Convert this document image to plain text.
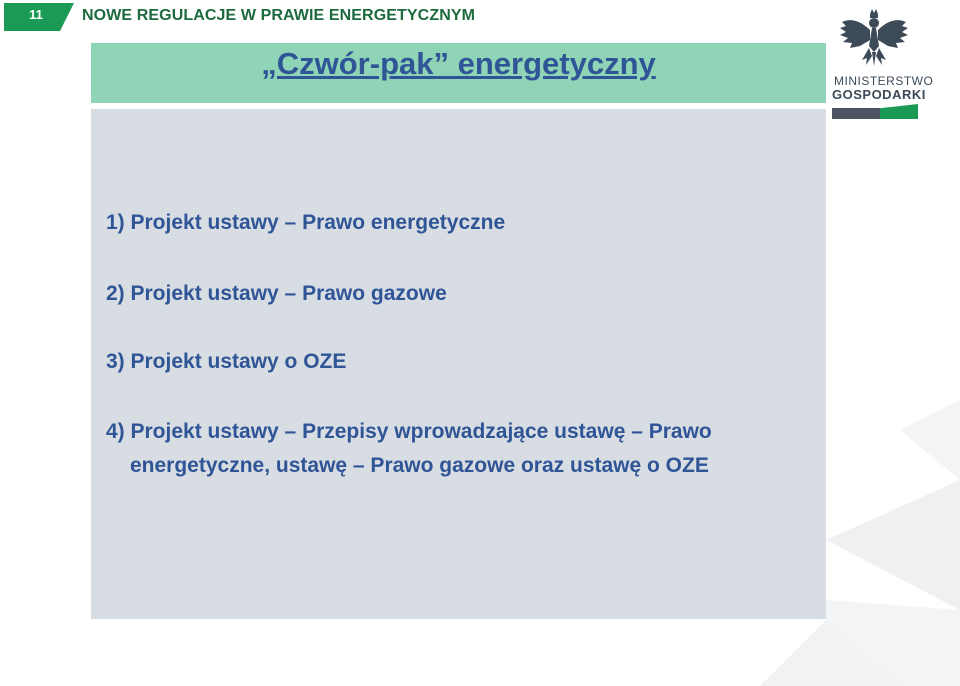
11	NOWE REGULACJE W PRAWIE ENERGETYCZNYM
„Czwór-pak” energetyczny
1) Projekt ustawy – Prawo energetyczne
2) Projekt ustawy – Prawo gazowe
3) Projekt ustawy o OZE
4) Projekt ustawy – Przepisy wprowadzające ustawę – Prawo energetyczne, ustawę – Prawo gazowe oraz ustawę o OZE
MINISTERSTWO
GOSPODARKI
